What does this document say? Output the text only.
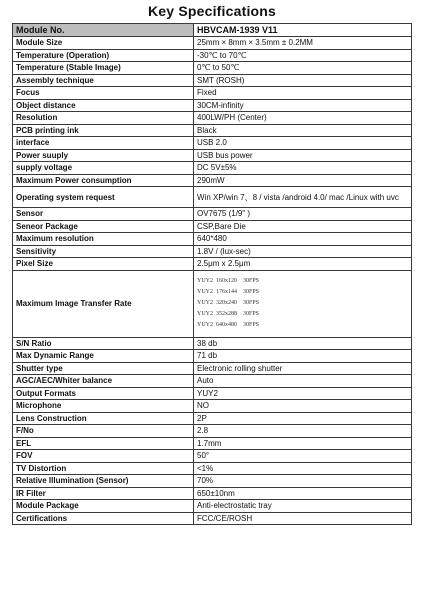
Key Specifications
Module No.	HBVCAM-1939 V11
Module Size	25mm × 8mm × 3.5mm ± 0.2MM
Temperature (Operation)	-30℃ to 70℃
Temperature (Stable Image)	0℃ to 50℃
Assembly technique	SMT (ROSH)
Focus	Fixed
Object distance	30CM-infinity
Resolution	400LW/PH (Center)
PCB printing ink	Black
interface	USB 2.0
Power suuply	USB bus power
supply voltage	DC 5V±5%
Maximum Power consumption	290mW
Operating system request	Win XP/win 7、8 / vista /android 4.0/ mac /Linux with uvc
Sensor	OV7675 (1/9" )
Seneor Package	CSP,Bare Die
Maximum resolution	640*480
Sensitivity	1.8V / (lux-sec)
Pixel Size	2.5μm x 2.5μm
Maximum Image Transfer Rate	YUY2  160x120    30FPS
YUY2  176x144    30FPS
YUY2  320x240    30FPS
YUY2  352x288    30FPS
YUY2  640x480    30FPS

S/N Ratio	38 db
Max Dynamic Range	71 db
Shutter type	Electronic rolling shutter
AGC/AEC/Whiter balance	Auto
Output Formats	YUY2
Microphone	NO
Lens Construction	2P
F/No	2.8
EFL	1.7mm
FOV	50°
TV Distortion	<1%
Relative Illumination (Sensor)	70%
IR Filter	650±10nm
Module Package	Anti-electrostatic tray
Certifications	FCC/CE/ROSH
